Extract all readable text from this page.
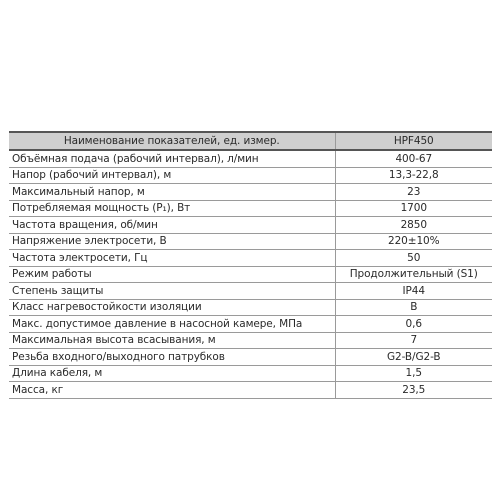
Наименование показателей, ед. измер.	HPF450
Объёмная подача (рабочий интервал), л/мин	400-67
Напор (рабочий интервал), м	13,3-22,8
Максимальный напор, м	23
Потребляемая мощность (P₁), Вт	1700
Частота вращения, об/мин	2850
Напряжение электросети, В	220±10%
Частота электросети, Гц	50
Режим работы	Продолжительный (S1)
Степень защиты	IP44
Класс нагревостойкости изоляции	B
Макс. допустимое давление в насосной камере, МПа	0,6
Максимальная высота всасывания, м	7
Резьба входного/выходного патрубков	G2-B/G2-B
Длина кабеля, м	1,5
Масса, кг	23,5
